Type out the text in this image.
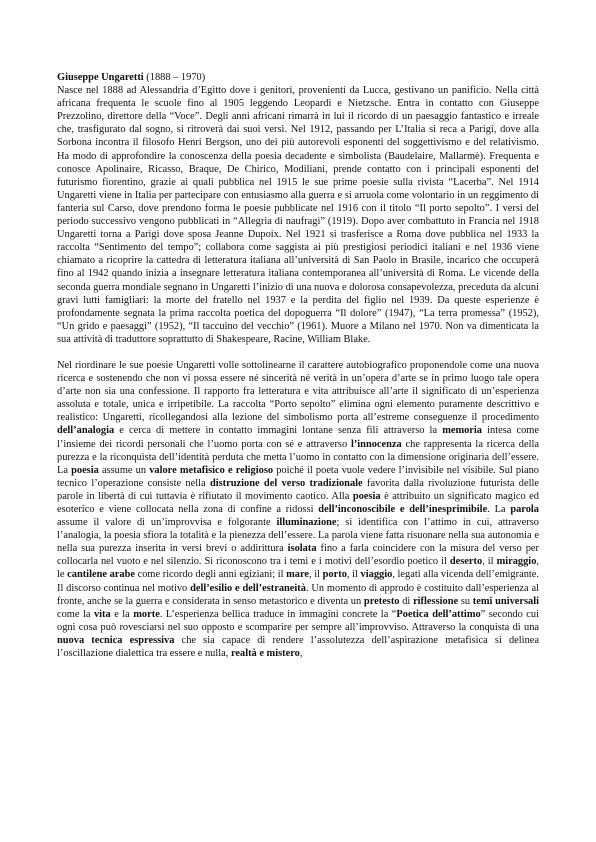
Giuseppe Ungaretti (1888 – 1970)

Nasce nel 1888 ad Alessandria d’Egitto dove i genitori, provenienti da Lucca, gestivano un panificio. Nella città africana frequenta le scuole fino al 1905 leggendo Leopardi e Nietzsche. Entra in contatto con Giuseppe Prezzolino, direttore della “Voce”. Degli anni africani rimarrà in lui il ricordo di un paesaggio fantastico e irreale che, trasfigurato dal sogno, si ritroverà dai suoi versi. Nel 1912, passando per L’Italia si reca a Parigi, dove alla Sorbona incontra il filosofo Henri Bergson, uno dei più autorevoli esponenti del soggettivismo e del relativismo. Ha modo di approfondire la conoscenza della poesia decadente e simbolista (Baudelaire, Mallarmè). Frequenta e conosce Apolinaire, Ricasso, Braque, De Chirico, Modiliani, prende contatto con i principali esponenti del futurismo fiorentino, grazie ai quali pubblica nel 1915 le sue prime poesie sulla rivista “Lacerba”. Nel 1914 Ungaretti viene in Italia per partecipare con entusiasmo alla guerra e si arruola come volontario in un reggimento di fanteria sul Carso, dove prendono forma le poesie pubblicate nel 1916 con il titolo “Il porto sepolto”. I versi del periodo successivo vengono pubblicati in “Allegria di naufragi” (1919). Dopo aver combattuto in Francia nel 1918 Ungaretti torna a Parigi dove sposa Jeanne Dupoix. Nel 1921 si trasferisce a Roma dove pubblica nel 1933 la raccolta “Sentimento del tempo”; collabora come saggista ai più prestigiosi periodici italiani e nel 1936 viene chiamato a ricoprire la cattedra di letteratura italiana all’università di San Paolo in Brasile, incarico che occuperà fino al 1942 quando inizia a insegnare letteratura italiana contemporanea all’università di Roma. Le vicende della seconda guerra mondiale segnano in Ungaretti l’inizio di una nuova e dolorosa consapevolezza, preceduta da alcuni gravi lutti famigliari: la morte del fratello nel 1937 e la perdita del figlio nel 1939. Da queste esperienze è profondamente segnata la prima raccolta poetica del dopoguerra “Il dolore” (1947), “La terra promessa” (1952), “Un grido e paesaggi” (1952), “Il taccuino del vecchio” (1961). Muore a Milano nel 1970. Non va dimenticata la sua attività di traduttore soprattutto di Shakespeare, Racine, William Blake.

Nel riordinare le sue poesie Ungaretti volle sottolinearne il carattere autobiografico proponendole come una nuova ricerca e sostenendo che non vi possa essere né sincerità né verità in un’opera d’arte se in primo luogo tale opera d’arte non sia una confessione. Il rapporto fra letteratura e vita attribuisce all’arte il significato di un’esperienza assoluta e totale, unica e irripetibile. La raccolta “Porto sepolto” elimina ogni elemento puramente descrittivo e realistico: Ungaretti, ricollegandosi alla lezione del simbolismo porta all’estreme conseguenze il procedimento dell’analogia e cerca di mettere in contatto immagini lontane senza fili attraverso la memoria intesa come l’insieme dei ricordi personali che l’uomo porta con sé e attraverso l’innocenza che rappresenta la ricerca della purezza e la riconquista dell’identità perduta che metta l’uomo in contatto con la dimensione originaria dell’essere. La poesia assume un valore metafisico e religioso poiché il poeta vuole vedere l’invisibile nel visibile. Sul piano tecnico l’operazione consiste nella distruzione del verso tradizionale favorita dalla rivoluzione futurista delle parole in libertà di cui tuttavia è rifiutato il movimento caotico. Alla poesia è attribuito un significato magico ed esoterico e viene collocata nella zona di confine a ridossi dell’inconoscibile e dell’inesprimibile. La parola assume il valore di un’improvvisa e folgorante illuminazione; si identifica con l’attimo in cui, attraverso l’analogia, la poesia sfiora la totalità e la pienezza dell’essere. La parola viene fatta risuonare nella sua autonomia e nella sua purezza inserita in versi brevi o addirittura isolata fino a farla coincidere con la misura del verso per collocarla nel vuoto e nel silenzio. Si riconoscono tra i temi e i motivi dell’esordio poetico il deserto, il miraggio, le cantilene arabe come ricordo degli anni egiziani; il mare, il porto, il viaggio, legati alla vicenda dell’emigrante. Il discorso continua nel motivo dell’esilio e dell’estraneità. Un momento di approdo è costituito dall’esperienza al fronte, anche se la guerra e considerata in senso metastorico e diventa un pretesto di riflessione su temi universali come la vita e la morte. L’esperienza bellica traduce in immagini concrete la “Poetica dell’attimo” secondo cui ogni cosa può rovesciarsi nel suo opposto e scomparire per sempre all’improvviso. Attraverso la conquista di una nuova tecnica espressiva che sia capace di rendere l’assolutezza dell’aspirazione metafisica si delinea l’oscillazione dialettica tra essere e nulla, realtà e mistero,
